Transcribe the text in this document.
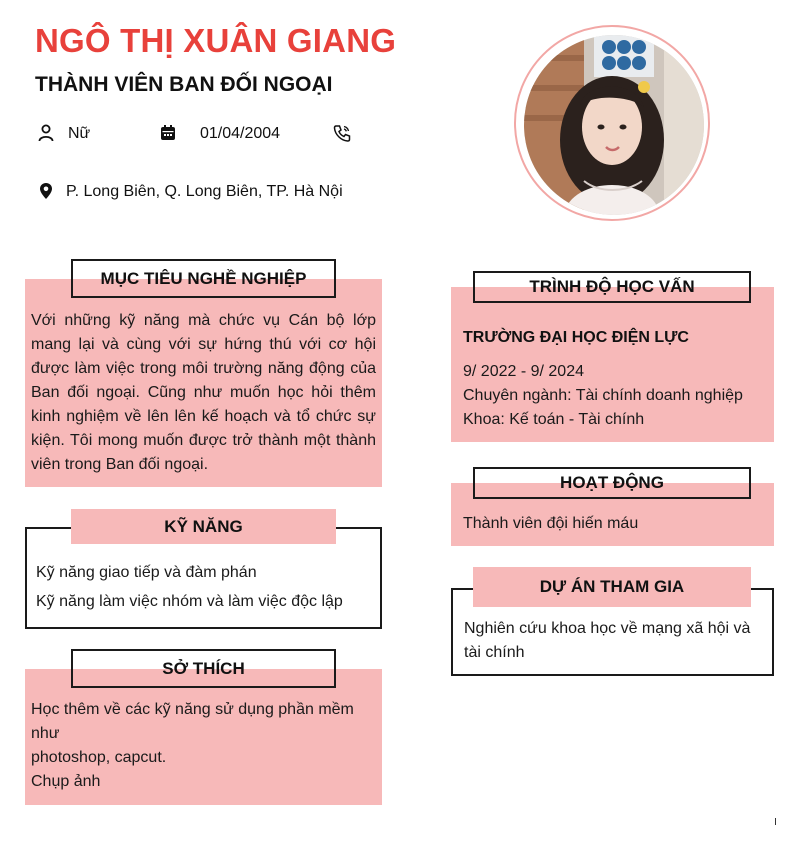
NGÔ THỊ XUÂN GIANG
THÀNH VIÊN BAN ĐỐI NGOẠI
Nữ	01/04/2004
P. Long Biên, Q. Long Biên, TP. Hà Nội
MỤC TIÊU NGHỀ NGHIỆP
Với những kỹ năng mà chức vụ Cán bộ lớp mang lại và cùng với sự hứng thú với cơ hội được làm việc trong môi trường năng động của Ban đối ngoại. Cũng như muốn học hỏi thêm kinh nghiệm về lên lên kế hoạch và tổ chức sự kiện. Tôi mong muốn được trở thành một thành viên trong Ban đối ngoại.
KỸ NĂNG
Kỹ năng giao tiếp và đàm phán
Kỹ năng làm việc nhóm và làm việc độc lập
SỞ THÍCH
Học thêm về các kỹ năng sử dụng phần mềm như
photoshop, capcut.
Chụp ảnh
TRÌNH ĐỘ HỌC VẤN
TRƯỜNG ĐẠI HỌC ĐIỆN LỰC
9/ 2022 - 9/ 2024
Chuyên ngành: Tài chính doanh nghiệp
Khoa: Kế toán - Tài chính
HOẠT ĐỘNG
Thành viên đội hiến máu
DỰ ÁN THAM GIA
Nghiên cứu khoa học về mạng xã hội và tài chính
